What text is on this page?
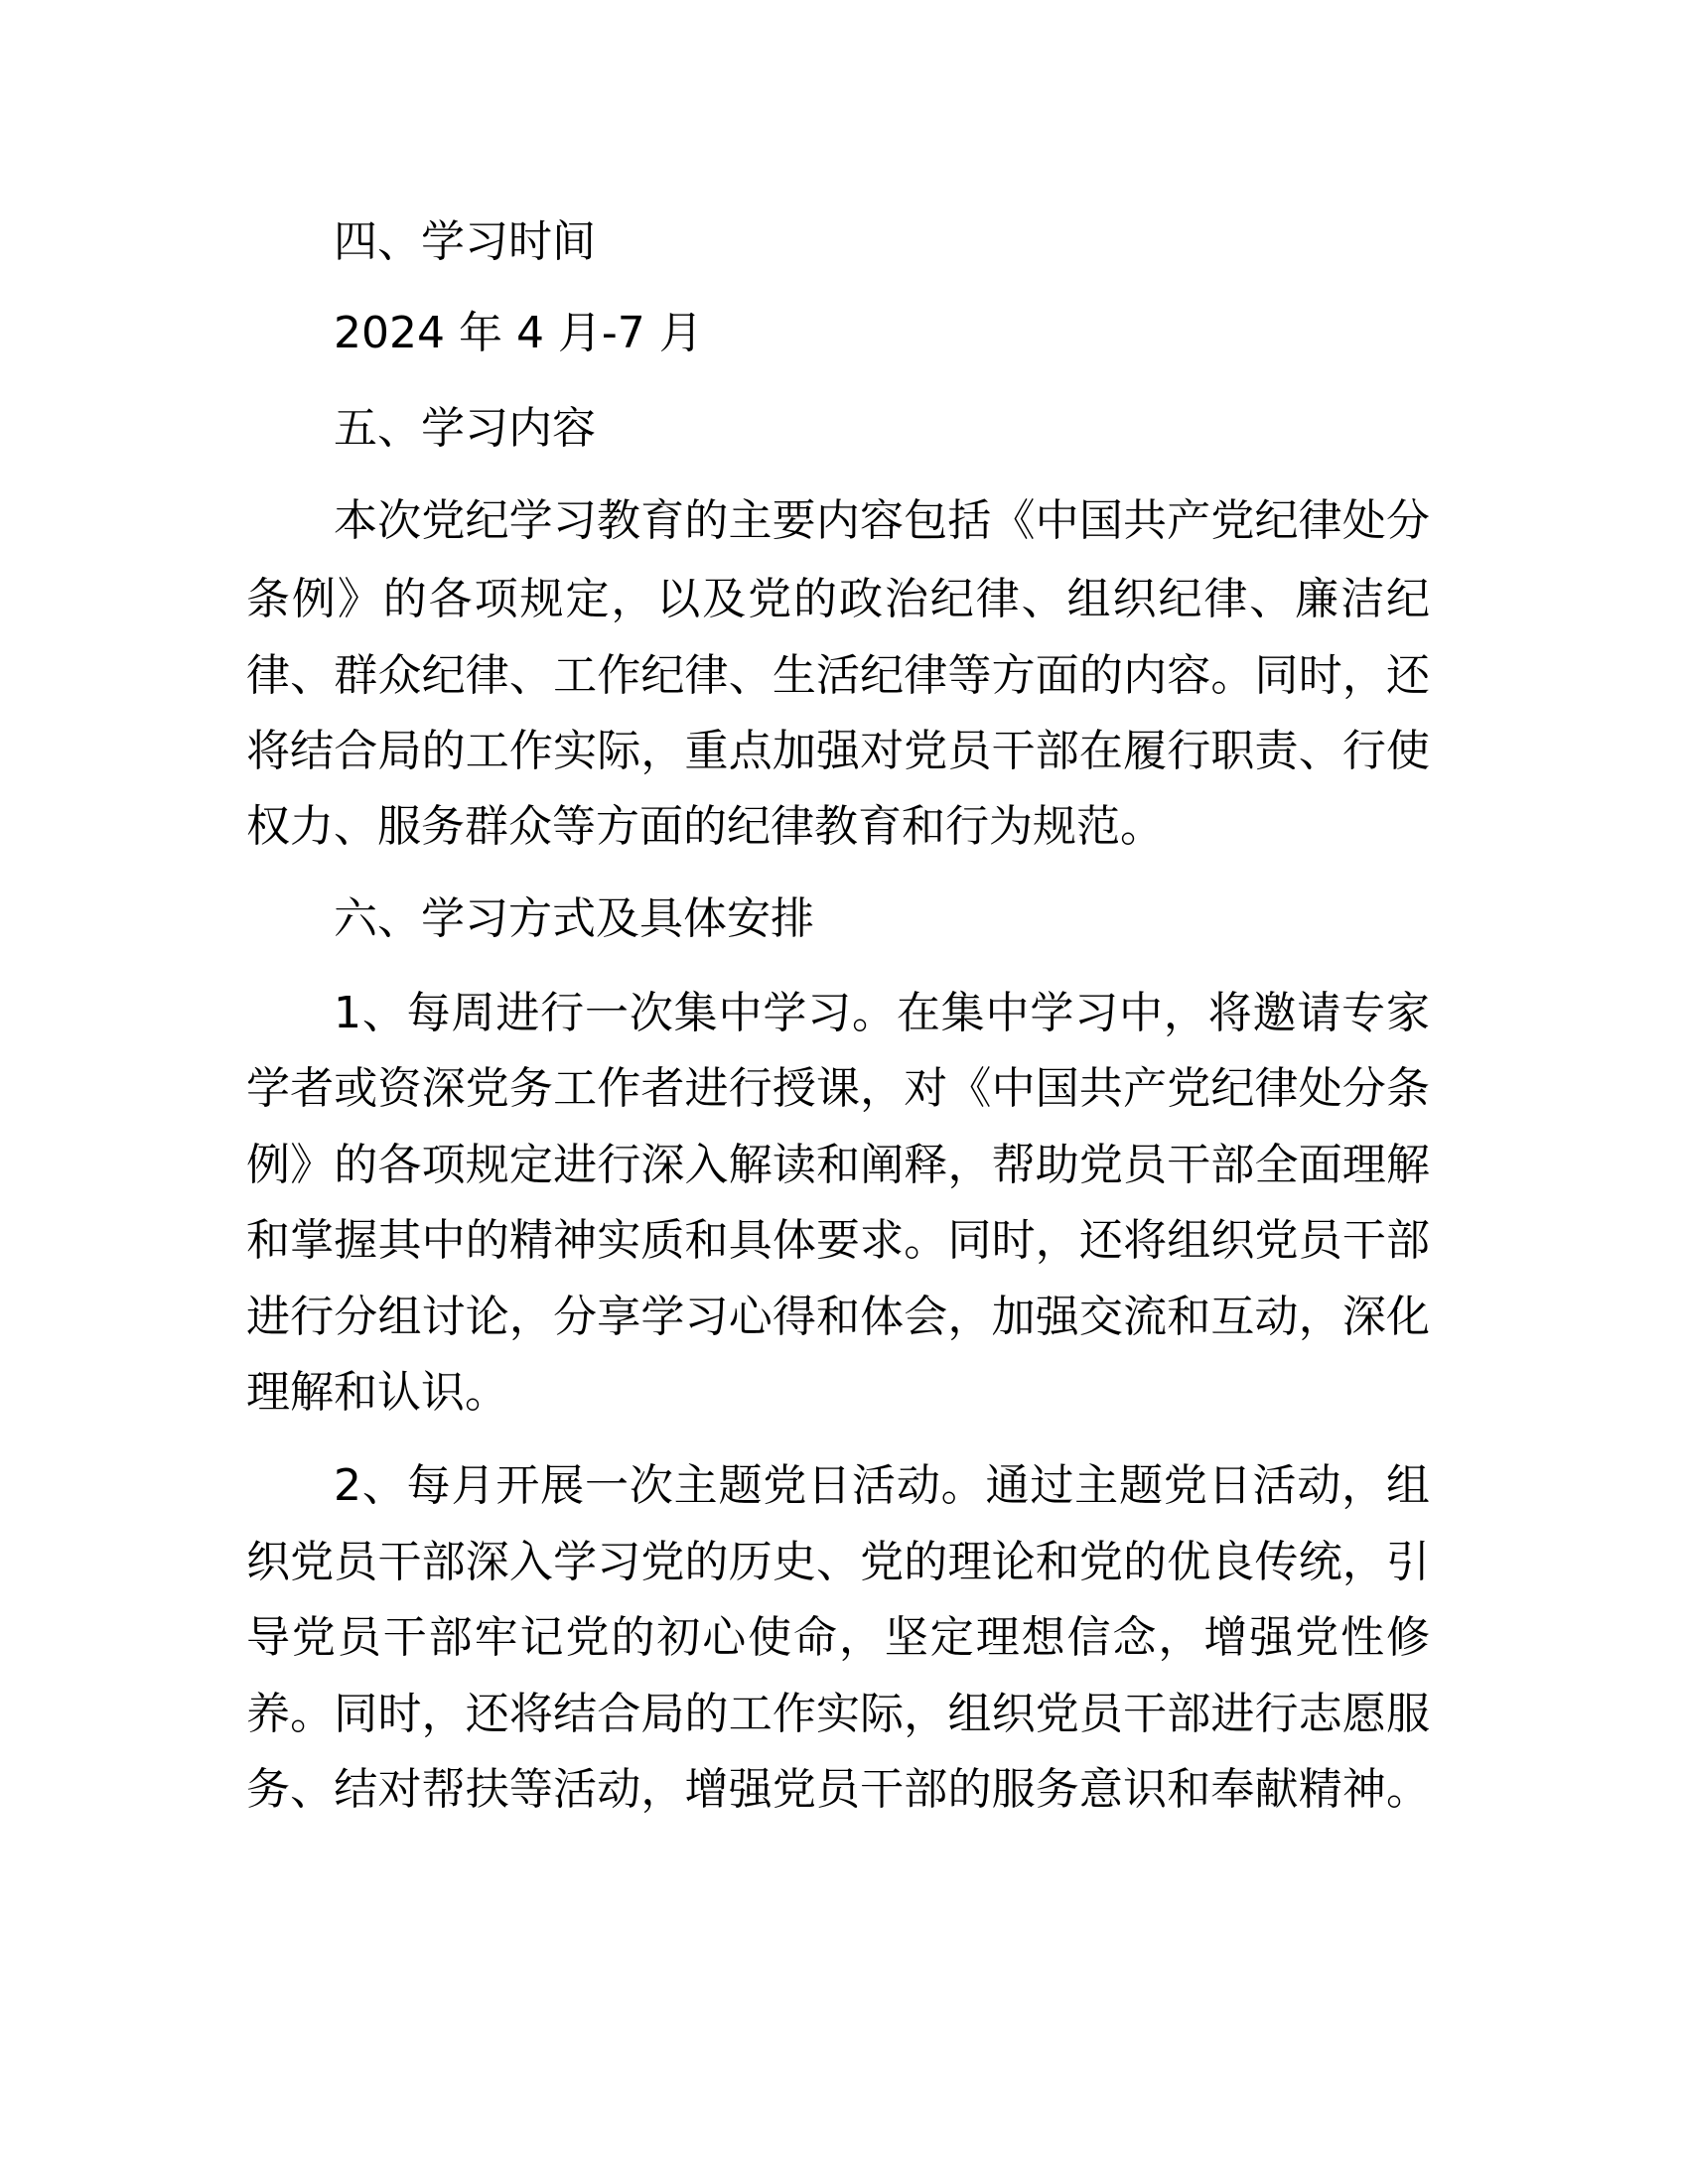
四、学习时间
2024 年 4 月-7 月
五、学习内容
本次党纪学习教育的主要内容包括《中国共产党纪律处分
条例》的各项规定，以及党的政治纪律、组织纪律、廉洁纪
律、群众纪律、工作纪律、生活纪律等方面的内容。同时，还
将结合局的工作实际，重点加强对党员干部在履行职责、行使
权力、服务群众等方面的纪律教育和行为规范。
六、学习方式及具体安排
1、每周进行一次集中学习。在集中学习中，将邀请专家
学者或资深党务工作者进行授课，对《中国共产党纪律处分条
例》的各项规定进行深入解读和阐释，帮助党员干部全面理解
和掌握其中的精神实质和具体要求。同时，还将组织党员干部
进行分组讨论，分享学习心得和体会，加强交流和互动，深化
理解和认识。
2、每月开展一次主题党日活动。通过主题党日活动，组
织党员干部深入学习党的历史、党的理论和党的优良传统，引
导党员干部牢记党的初心使命，坚定理想信念，增强党性修
养。同时，还将结合局的工作实际，组织党员干部进行志愿服
务、结对帮扶等活动，增强党员干部的服务意识和奉献精神。
